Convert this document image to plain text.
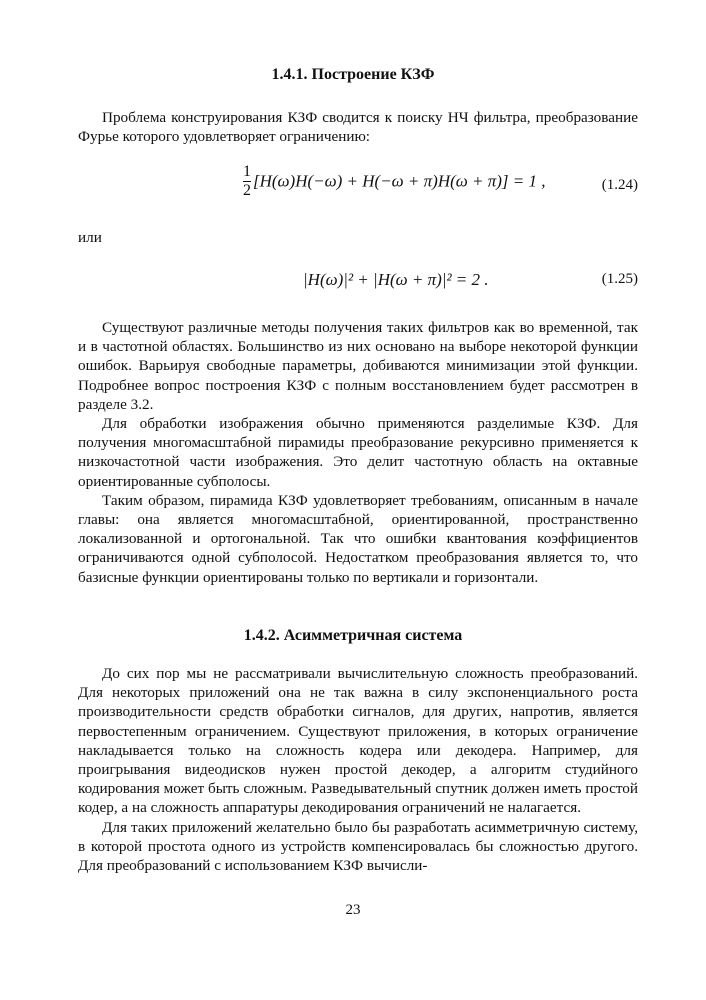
1.4.1. Построение КЗФ

Проблема конструирования КЗФ сводится к поиску НЧ фильтра, преобразование Фурье которого удовлетворяет ограничению:

$\frac{1}{2} [H(\omega)H(-\omega) + H(-\omega + \pi)H(\omega + \pi)] = 1$ ,	(1.24)
или
|H(ω)|² + |H(ω + π)|² = 2 .	(1.25)

Существуют различные методы получения таких фильтров как во временной, так и в частотной областях. Большинство из них основано на выборе некоторой функции ошибок. Варьируя свободные параметры, добиваются минимизации этой функции. Подробнее вопрос построения КЗФ с полным восстановлением будет рассмотрен в разделе 3.2.

Для обработки изображения обычно применяются разделимые КЗФ. Для получения многомасштабной пирамиды преобразование рекурсивно применяется к низкочастотной части изображения. Это делит частотную область на октавные ориентированные субполосы.

Таким образом, пирамида КЗФ удовлетворяет требованиям, описанным в начале главы: она является многомасштабной, ориентированной, пространственно локализованной и ортогональной. Так что ошибки квантования коэффициентов ограничиваются одной субполосой. Недостатком преобразования является то, что базисные функции ориентированы только по вертикали и горизонтали.

1.4.2. Асимметричная система

До сих пор мы не рассматривали вычислительную сложность преобразований. Для некоторых приложений она не так важна в силу экспоненциального роста производительности средств обработки сигналов, для других, напротив, является первостепенным ограничением. Существуют приложения, в которых ограничение накладывается только на сложность кодера или декодера. Например, для проигрывания видеодисков нужен простой декодер, а алгоритм студийного кодирования может быть сложным. Разведывательный спутник должен иметь простой кодер, а на сложность аппаратуры декодирования ограничений не налагается.

Для таких приложений желательно было бы разработать асимметричную систему, в которой простота одного из устройств компенсировалась бы сложностью другого. Для преобразований с использованием КЗФ вычисли-

23
